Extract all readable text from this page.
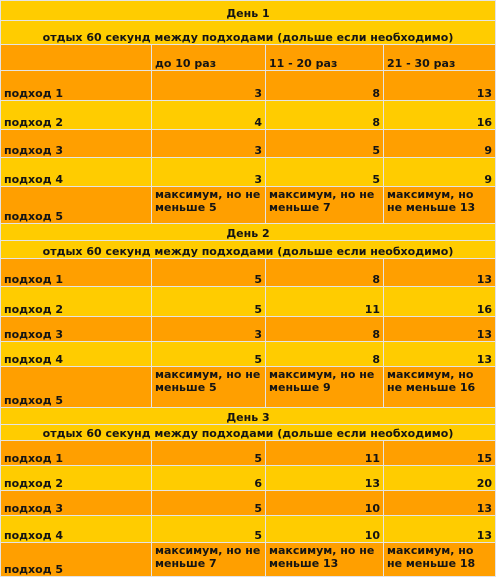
День 1			
отдых 60 секунд между подходами (дольше если необходимо)			
	до 10 раз	11 - 20 раз	21 - 30 раз
подход 1	3	8	13
подход 2	4	8	16
подход 3	3	5	9
подход 4	3	5	9
подход 5	максимум, но не меньше 5	максимум, но не меньше 7	максимум, но не меньше 13
День 2			
отдых 60 секунд между подходами (дольше если необходимо)			
подход 1	5	8	13
подход 2	5	11	16
подход 3	3	8	13
подход 4	5	8	13
подход 5	максимум, но не меньше 5	максимум, но не меньше 9	максимум, но не меньше 16
День 3			
отдых 60 секунд между подходами (дольше если необходимо)			
подход 1	5	11	15
подход 2	6	13	20
подход 3	5	10	13
подход 4	5	10	13
подход 5	максимум, но не меньше 7	максимум, но не меньше 13	максимум, но не меньше 18
